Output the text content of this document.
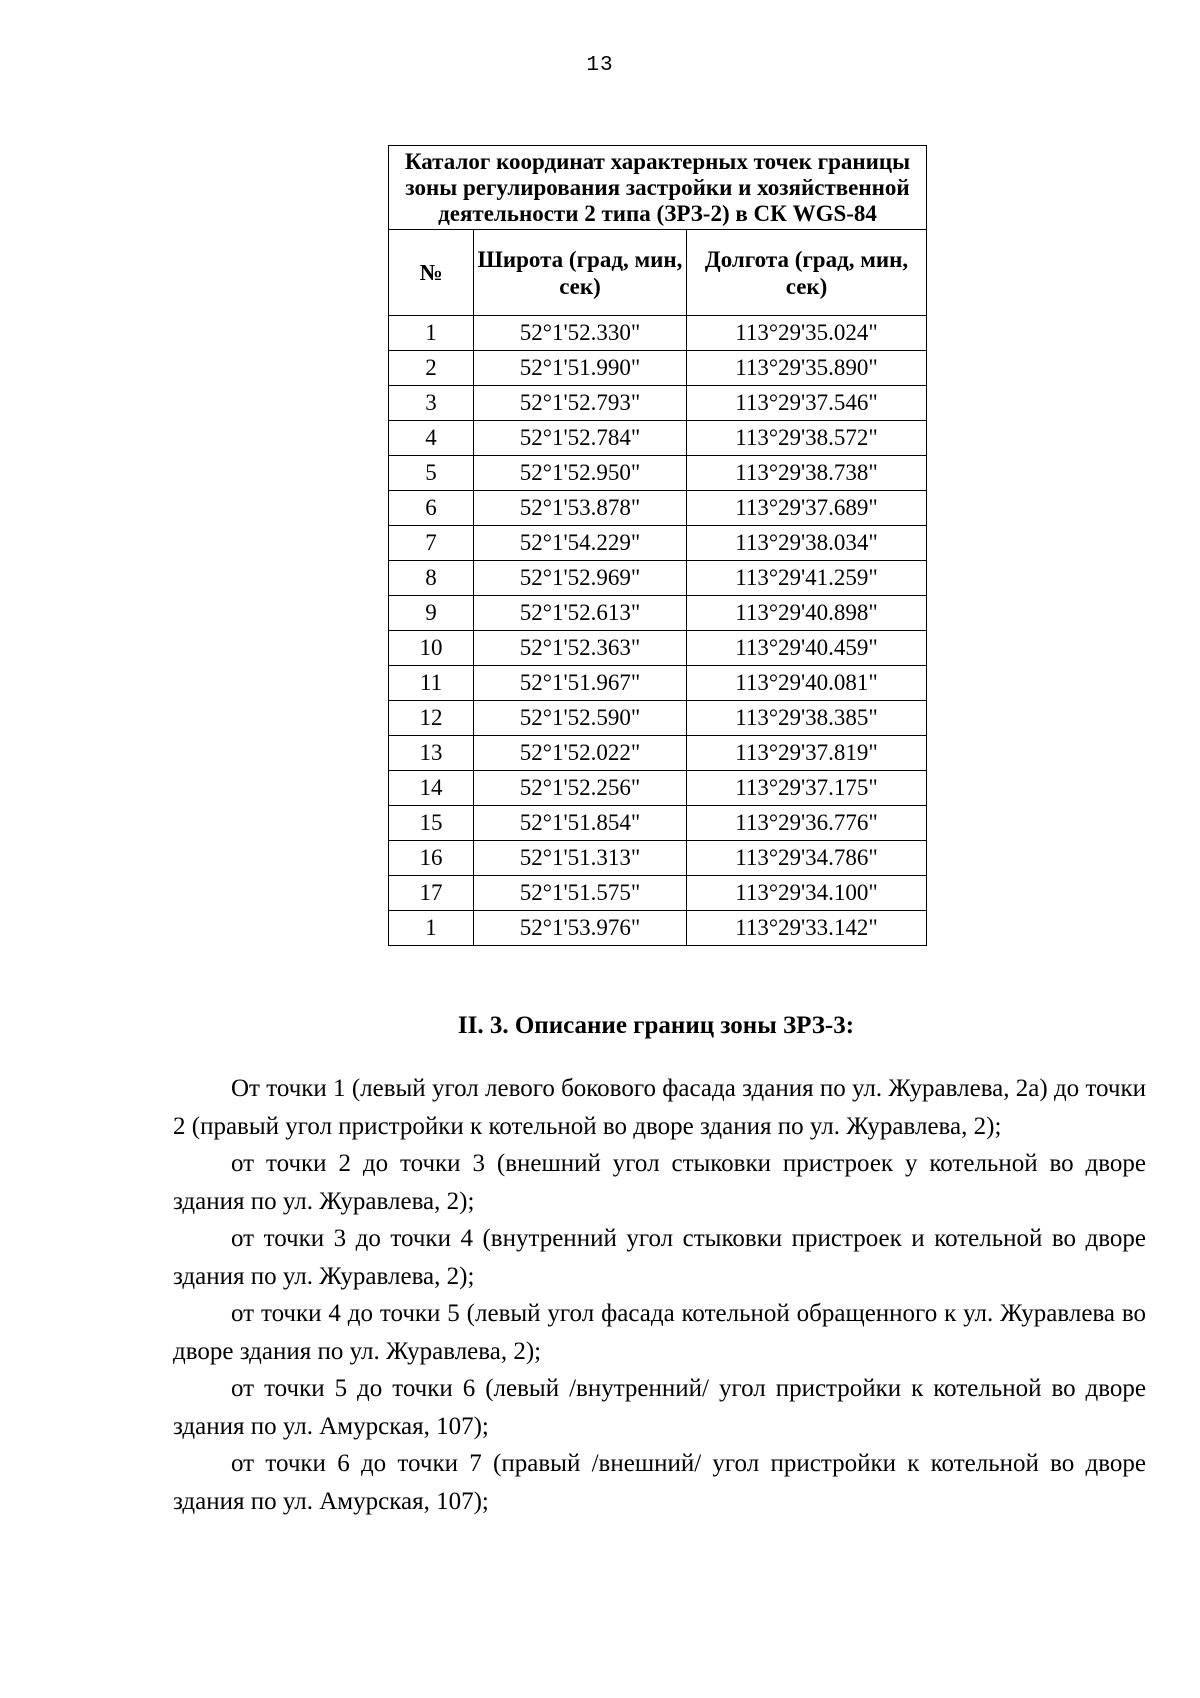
13
Каталог координат характерных точек границы зоны регулирования застройки и хозяйственной деятельности 2 типа (ЗРЗ-2) в СК WGS-84		
№	Широта (град, мин, сек)	Долгота (град, мин, сек)
1	52°1'52.330"	113°29'35.024"
2	52°1'51.990"	113°29'35.890"
3	52°1'52.793"	113°29'37.546"
4	52°1'52.784"	113°29'38.572"
5	52°1'52.950"	113°29'38.738"
6	52°1'53.878"	113°29'37.689"
7	52°1'54.229"	113°29'38.034"
8	52°1'52.969"	113°29'41.259"
9	52°1'52.613"	113°29'40.898"
10	52°1'52.363"	113°29'40.459"
11	52°1'51.967"	113°29'40.081"
12	52°1'52.590"	113°29'38.385"
13	52°1'52.022"	113°29'37.819"
14	52°1'52.256"	113°29'37.175"
15	52°1'51.854"	113°29'36.776"
16	52°1'51.313"	113°29'34.786"
17	52°1'51.575"	113°29'34.100"
1	52°1'53.976"	113°29'33.142"
II. 3. Описание границ зоны ЗРЗ-3:

От точки 1 (левый угол левого бокового фасада здания по ул. Журавлева, 2а) до точки 2 (правый угол пристройки к котельной во дворе здания по ул. Журавлева, 2);

от точки 2 до точки 3 (внешний угол стыковки пристроек у котельной во дворе здания по ул. Журавлева, 2);

от точки 3 до точки 4 (внутренний угол стыковки пристроек и котельной во дворе здания по ул. Журавлева, 2);

от точки 4 до точки 5 (левый угол фасада котельной обращенного к ул. Журавлева во дворе здания по ул. Журавлева, 2);

от точки 5 до точки 6 (левый /внутренний/ угол пристройки к котельной во дворе здания по ул. Амурская, 107);

от точки 6 до точки 7 (правый /внешний/ угол пристройки к котельной во дворе здания по ул. Амурская, 107);
